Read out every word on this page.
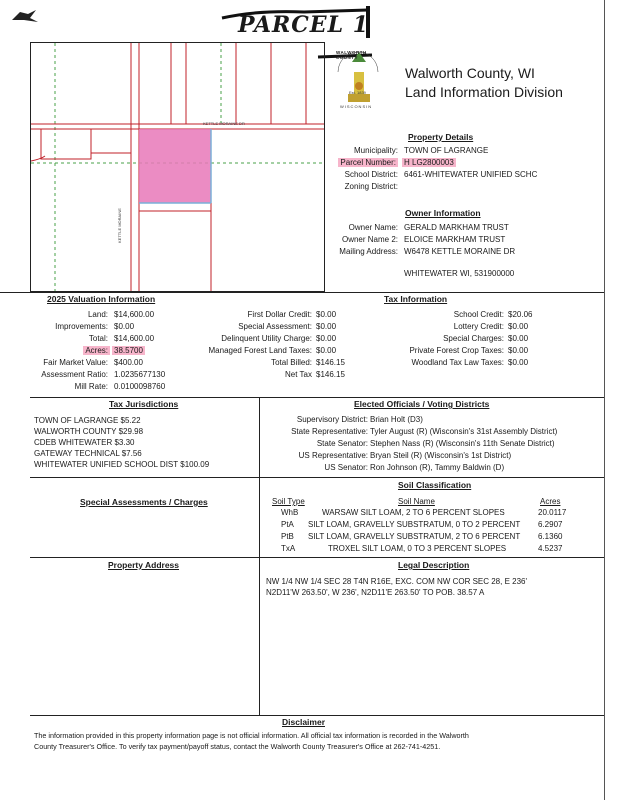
PARCEL 1
KETTLE MORAINE DR
KETTLE MORAINE
WALWORTH COUNTY
Est. 1839
WISCONSIN
Walworth County, WI
Land Information Division
Property Details
Municipality: TOWN OF LAGRANGE
Parcel Number: H LG2800003
School District: 6461-WHITEWATER UNIFIED SCHC
Zoning District:
Owner Information
Owner Name: GERALD MARKHAM TRUST
Owner Name 2: ELOICE MARKHAM TRUST
Mailing Address: W6478 KETTLE MORAINE DR
WHITEWATER WI, 531900000
2025 Valuation Information
Land: $14,600.00
Improvements: $0.00
Total: $14,600.00
Acres: 38.5700
Fair Market Value: $400.00
Assessment Ratio: 1.0235677130
Mill Rate: 0.0100098760
Tax Information
First Dollar Credit: $0.00
Special Assessment: $0.00
Delinquent Utility Charge: $0.00
Managed Forest Land Taxes: $0.00
Total Billed: $146.15
Net Tax $146.15
School Credit: $20.06
Lottery Credit: $0.00
Special Charges: $0.00
Private Forest Crop Taxes: $0.00
Woodland Tax Law Taxes: $0.00
Tax Jurisdictions
TOWN OF LAGRANGE $5.22
WALWORTH COUNTY $29.98
CDEB WHITEWATER $3.30
GATEWAY TECHNICAL $7.56
WHITEWATER UNIFIED SCHOOL DIST $100.09
Elected Officials / Voting Districts
Supervisory District: Brian Holt (D3)
State Representative: Tyler August (R) (Wisconsin's 31st Assembly District)
State Senator: Stephen Nass (R) (Wisconsin's 11th Senate District)
US Representative: Bryan Steil (R) (Wisconsin's 1st District)
US Senator: Ron Johnson (R), Tammy Baldwin (D)
Special Assessments / Charges
Soil Classification
Soil Type	Soil Name	Acres
WhB	WARSAW SILT LOAM, 2 TO 6 PERCENT SLOPES	20.0117
PtA SILT LOAM, GRAVELLY SUBSTRATUM, 0 TO 2 PERCENT 6.2907
PtB SILT LOAM, GRAVELLY SUBSTRATUM, 2 TO 6 PERCENT 6.1360
TxA	TROXEL SILT LOAM, 0 TO 3 PERCENT SLOPES	4.5237
Property Address	Legal Description
NW 1/4 NW 1/4 SEC 28 T4N R16E, EXC. COM NW COR SEC 28, E 236'
N2D11'W 263.50', W 236', N2D11'E 263.50' TO POB. 38.57 A
Disclaimer
The information provided in this property information page is not official information. All official tax information is recorded in the Walworth
County Treasurer's Office. To verify tax payment/payoff status, contact the Walworth County Treasurer's Office at 262-741-4251.
